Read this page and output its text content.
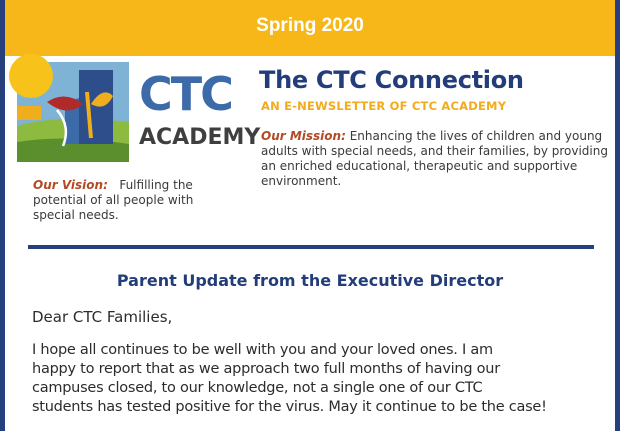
Spring 2020
CTC
ACADEMY
Our Vision: Fulfilling the potential of all people with special needs.
The CTC Connection
AN E-NEWSLETTER OF CTC ACADEMY
Our Mission: Enhancing the lives of children and young adults with special needs, and their families, by providing an enriched educational, therapeutic and supportive environment.
Parent Update from the Executive Director
Dear CTC Families,
I hope all continues to be well with you and your loved ones. I am
happy to report that as we approach two full months of having our
campuses closed, to our knowledge, not a single one of our CTC
students has tested positive for the virus. May it continue to be the case!
